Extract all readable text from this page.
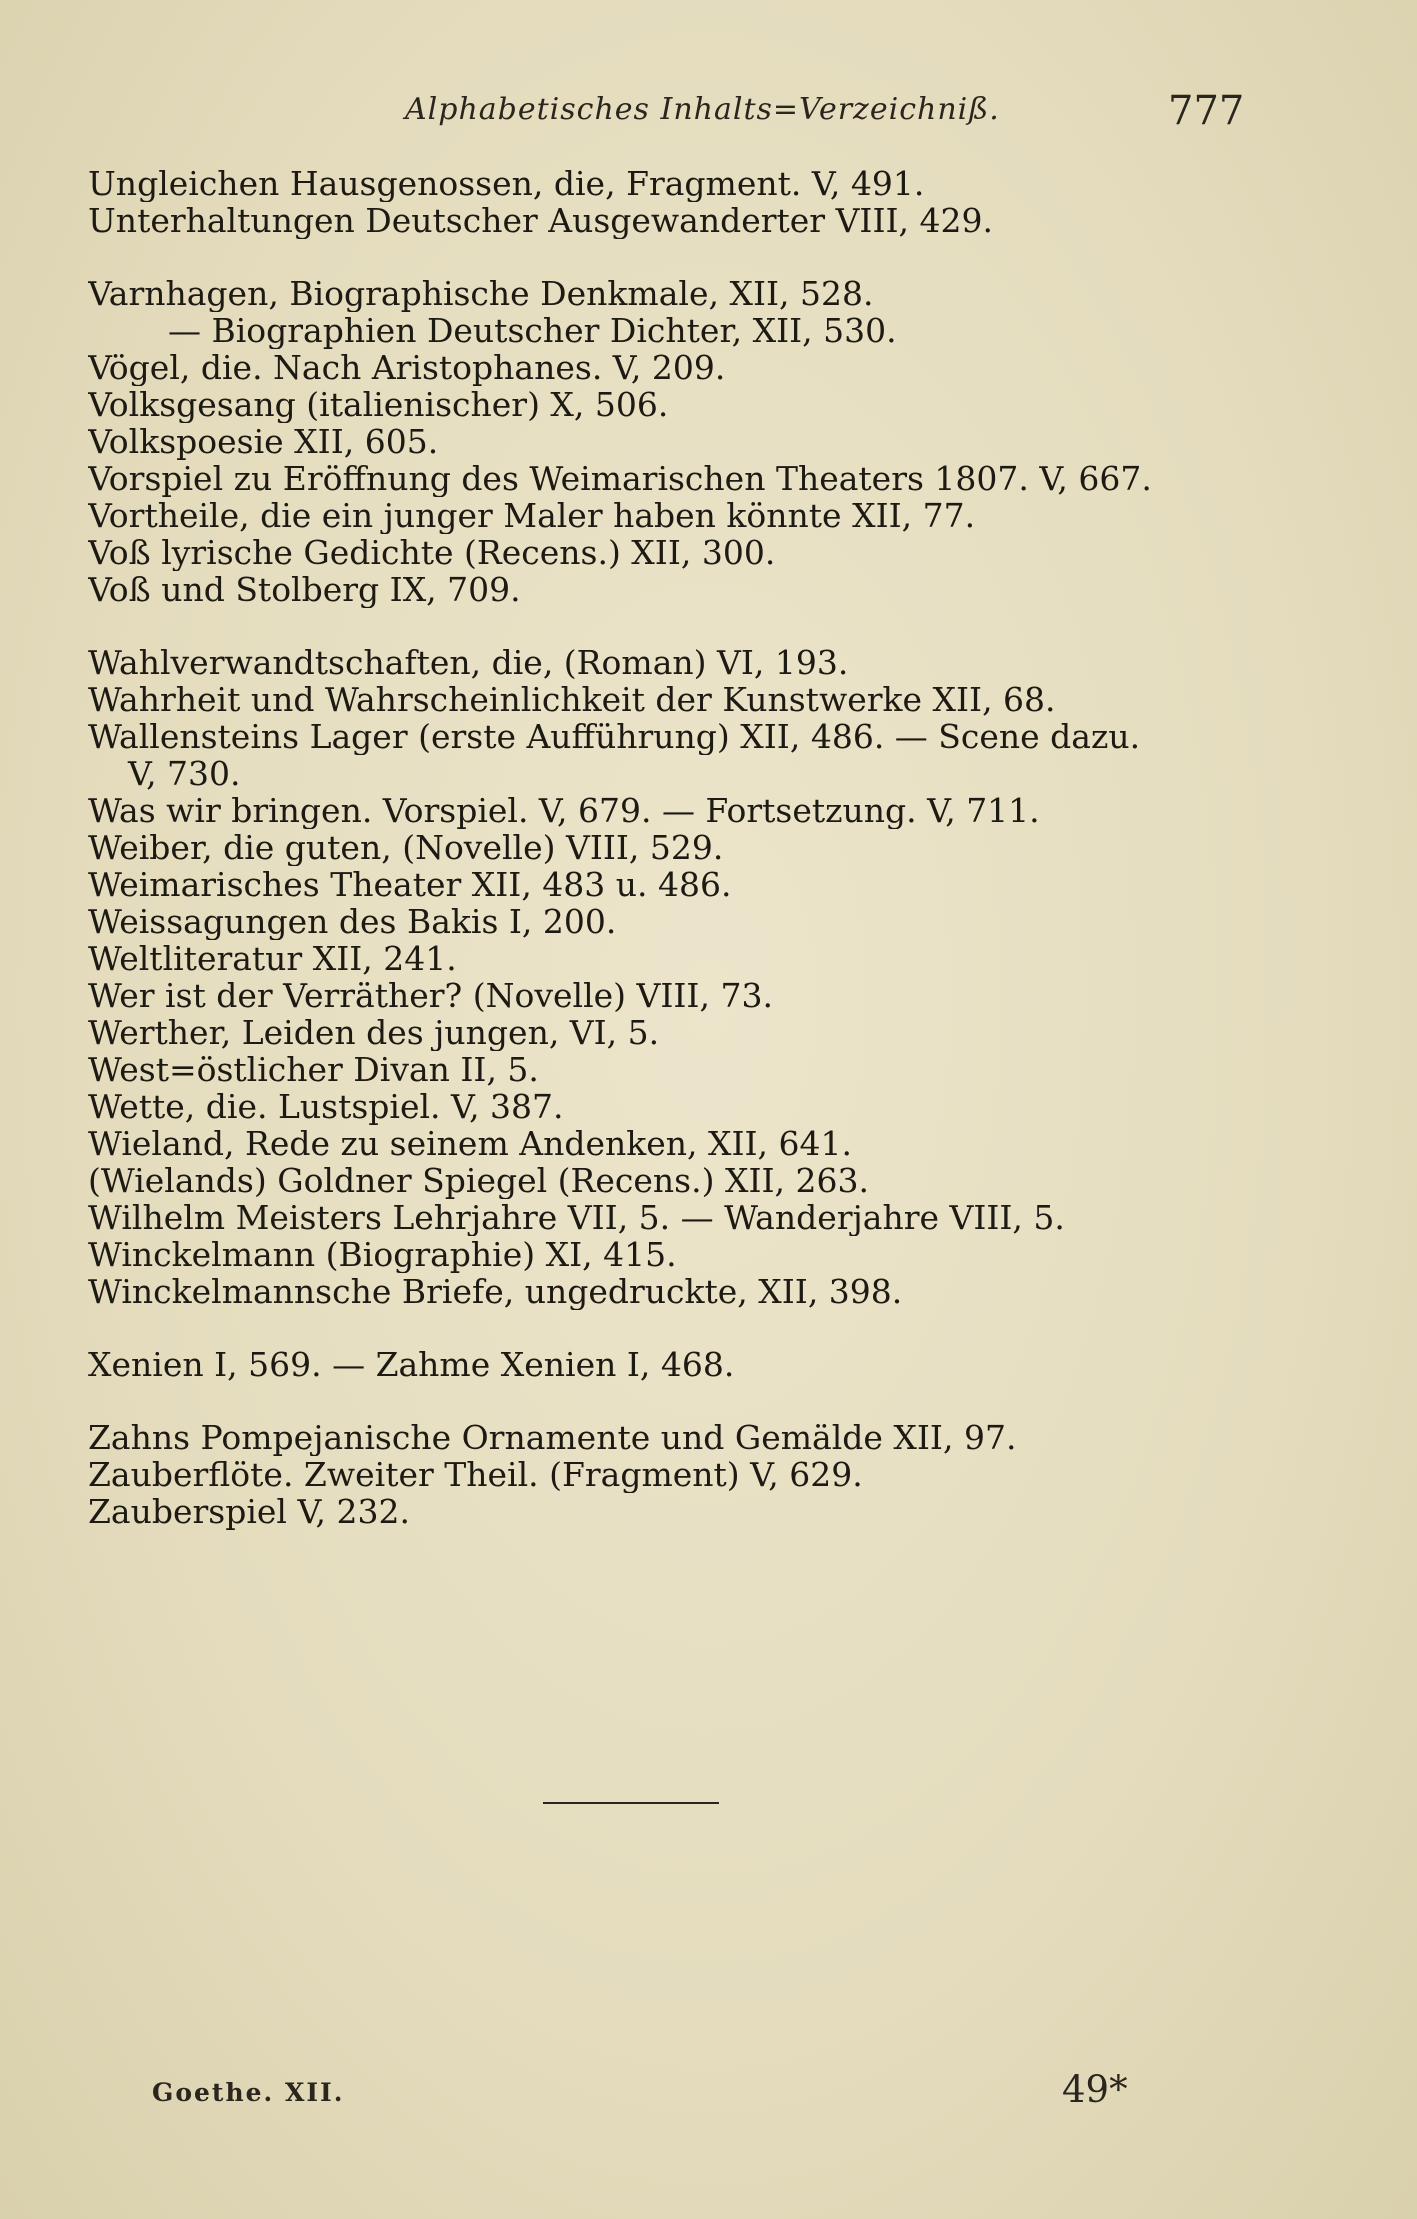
Alphabetisches Inhalts=Verzeichniß.	777
Ungleichen Hausgenossen, die, Fragment. V, 491.
Unterhaltungen Deutscher Ausgewanderter VIII, 429.
Varnhagen, Biographische Denkmale, XII, 528.
— Biographien Deutscher Dichter, XII, 530.
Vögel, die. Nach Aristophanes. V, 209.
Volksgesang (italienischer) X, 506.
Volkspoesie XII, 605.
Vorspiel zu Eröffnung des Weimarischen Theaters 1807. V, 667.
Vortheile, die ein junger Maler haben könnte XII, 77.
Voß lyrische Gedichte (Recens.) XII, 300.
Voß und Stolberg IX, 709.
Wahlverwandtschaften, die, (Roman) VI, 193.
Wahrheit und Wahrscheinlichkeit der Kunstwerke XII, 68.
Wallensteins Lager (erste Aufführung) XII, 486. — Scene dazu.
V, 730.
Was wir bringen. Vorspiel. V, 679. — Fortsetzung. V, 711.
Weiber, die guten, (Novelle) VIII, 529.
Weimarisches Theater XII, 483 u. 486.
Weissagungen des Bakis I, 200.
Weltliteratur XII, 241.
Wer ist der Verräther? (Novelle) VIII, 73.
Werther, Leiden des jungen, VI, 5.
West=östlicher Divan II, 5.
Wette, die. Lustspiel. V, 387.
Wieland, Rede zu seinem Andenken, XII, 641.
(Wielands) Goldner Spiegel (Recens.) XII, 263.
Wilhelm Meisters Lehrjahre VII, 5. — Wanderjahre VIII, 5.
Winckelmann (Biographie) XI, 415.
Winckelmannsche Briefe, ungedruckte, XII, 398.
Xenien I, 569. — Zahme Xenien I, 468.
Zahns Pompejanische Ornamente und Gemälde XII, 97.
Zauberflöte. Zweiter Theil. (Fragment) V, 629.
Zauberspiel V, 232.
Goethe. XII.	49*
